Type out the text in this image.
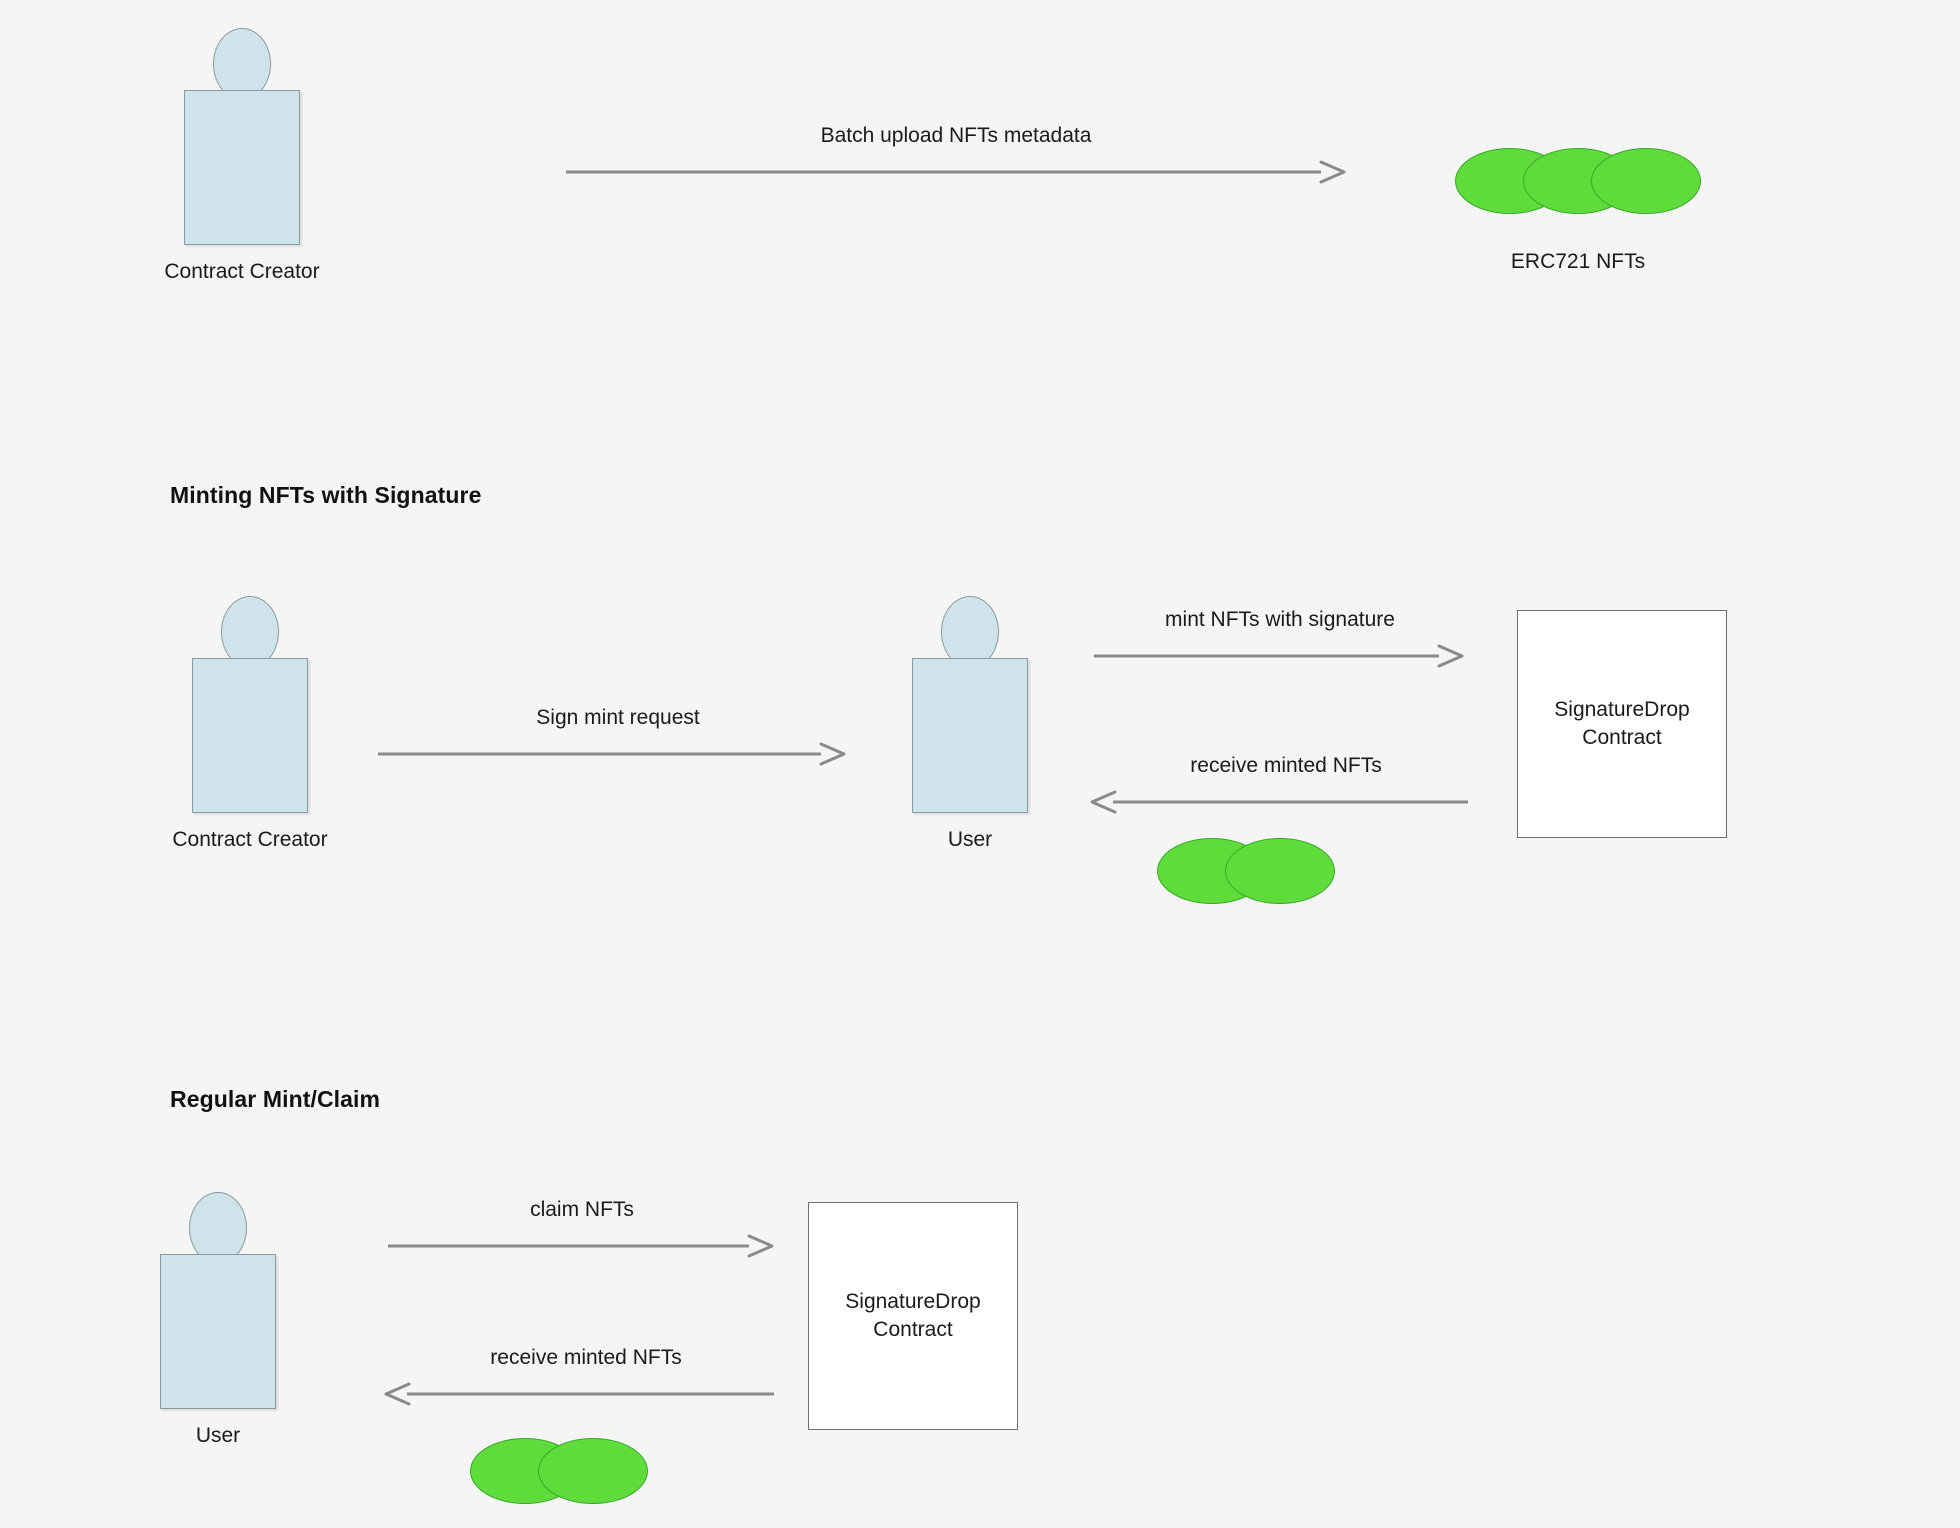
Contract Creator
Batch upload NFTs metadata
ERC721 NFTs
Minting NFTs with Signature
Contract Creator
Sign mint request
User
mint NFTs with signature
receive minted NFTs
SignatureDrop
Contract
Regular Mint/Claim
User
claim NFTs
receive minted NFTs
SignatureDrop
Contract
